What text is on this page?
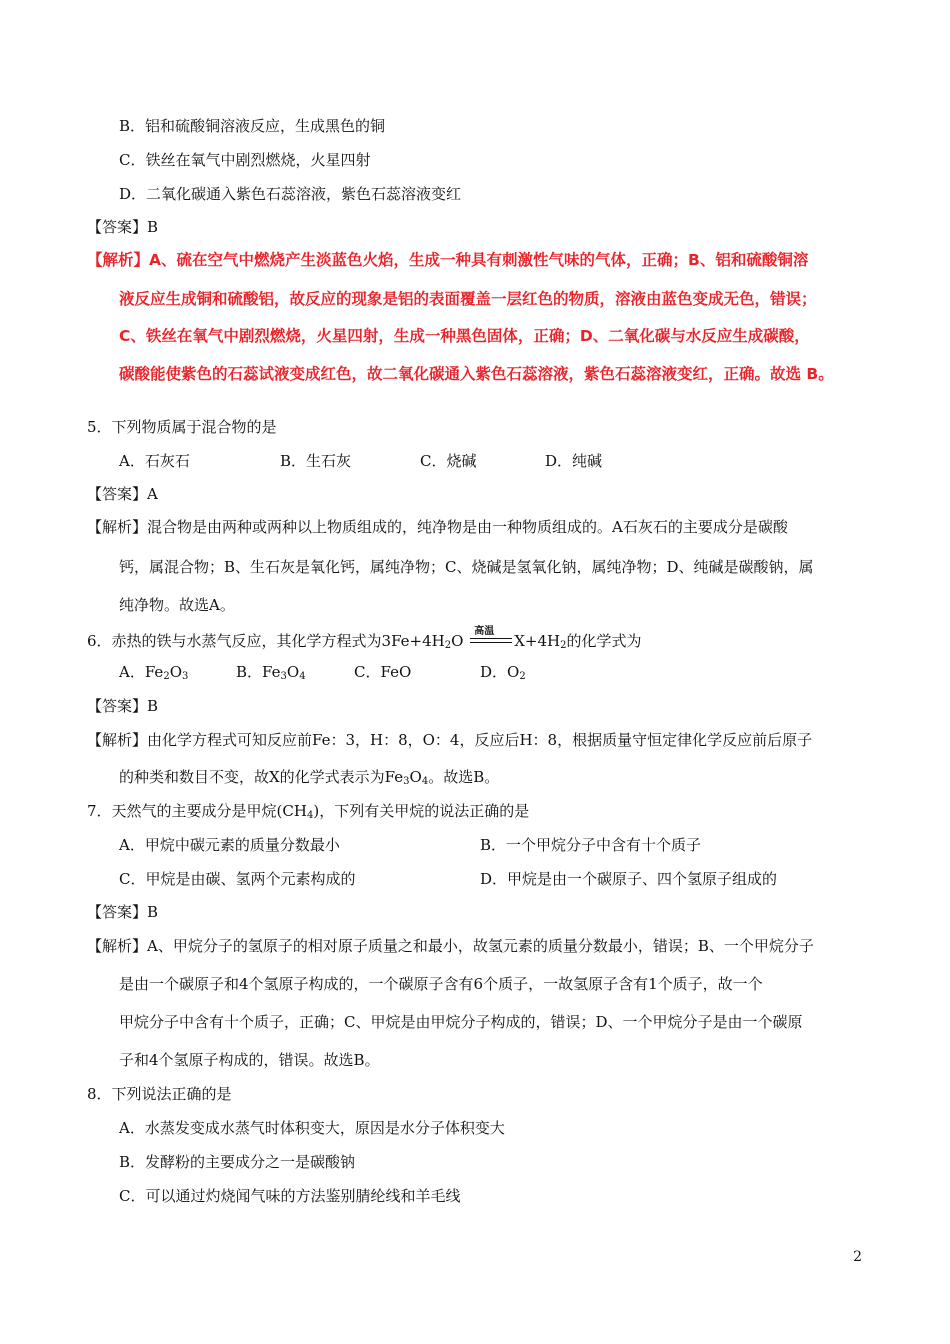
B．铝和硫酸铜溶液反应，生成黑色的铜
C．铁丝在氧气中剧烈燃烧，火星四射
D．二氧化碳通入紫色石蕊溶液，紫色石蕊溶液变红
【答案】B
【解析】A、硫在空气中燃烧产生淡蓝色火焰，生成一种具有刺激性气味的气体，正确；B、铝和硫酸铜溶
液反应生成铜和硫酸铝，故反应的现象是铝的表面覆盖一层红色的物质，溶液由蓝色变成无色，错误；
C、铁丝在氧气中剧烈燃烧，火星四射，生成一种黑色固体，正确；D、二氧化碳与水反应生成碳酸，
碳酸能使紫色的石蕊试液变成红色，故二氧化碳通入紫色石蕊溶液，紫色石蕊溶液变红，正确。故选 B。
5．下列物质属于混合物的是
A．石灰石	B．生石灰	C．烧碱	D．纯碱
【答案】A
【解析】混合物是由两种或两种以上物质组成的，纯净物是由一种物质组成的。A石灰石的主要成分是碳酸
钙，属混合物；B、生石灰是氧化钙，属纯净物；C、烧碱是氢氧化钠，属纯净物；D、纯碱是碳酸钠，属
纯净物。故选A。
6．赤热的铁与水蒸气反应，其化学方程式为$3Fe+4H_2O$
高温
$X+4H_2$的化学式为
A．$Fe_2O_3$	B．$Fe_3O_4$	C．FeO	D．$O_2$
【答案】B
【解析】由化学方程式可知反应前Fe：3，H：8，O：4，反应后H：8，根据质量守恒定律化学反应前后原子
的种类和数目不变，故X的化学式表示为$Fe_3O_4$。故选B。
7．天然气的主要成分是甲烷$(CH_4)$，下列有关甲烷的说法正确的是
A．甲烷中碳元素的质量分数最小	B．一个甲烷分子中含有十个质子
C．甲烷是由碳、氢两个元素构成的	D．甲烷是由一个碳原子、四个氢原子组成的
【答案】B
【解析】A、甲烷分子的氢原子的相对原子质量之和最小，故氢元素的质量分数最小，错误；B、一个甲烷分子
是由一个碳原子和4个氢原子构成的，一个碳原子含有6个质子，一故氢原子含有1个质子，故一个
甲烷分子中含有十个质子，正确；C、甲烷是由甲烷分子构成的，错误；D、一个甲烷分子是由一个碳原
子和4个氢原子构成的，错误。故选B。
8．下列说法正确的是
A．水蒸发变成水蒸气时体积变大，原因是水分子体积变大
B．发酵粉的主要成分之一是碳酸钠
C．可以通过灼烧闻气味的方法鉴别腈纶线和羊毛线
2
